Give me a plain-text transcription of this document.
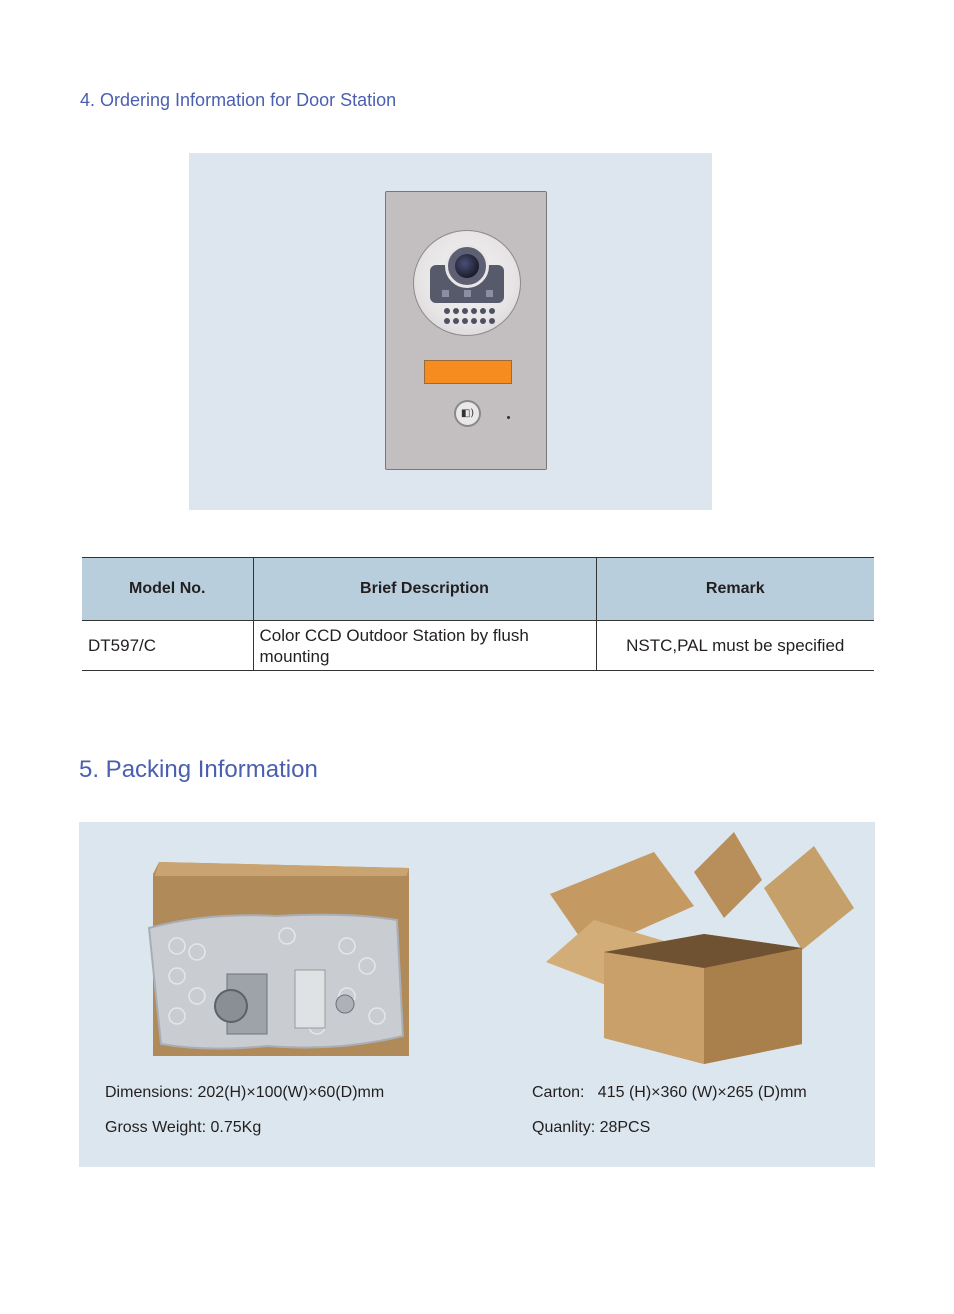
4. Ordering Information for Door Station
◧)
Model No.	Brief Description	Remark
DT597/C	Color CCD Outdoor Station by flush mounting	NSTC,PAL must be specified
5. Packing Information

Dimensions: 202(H)×100(W)×60(D)mm

Gross Weight: 0.75Kg

Carton:   415 (H)×360 (W)×265 (D)mm

Quanlity: 28PCS
